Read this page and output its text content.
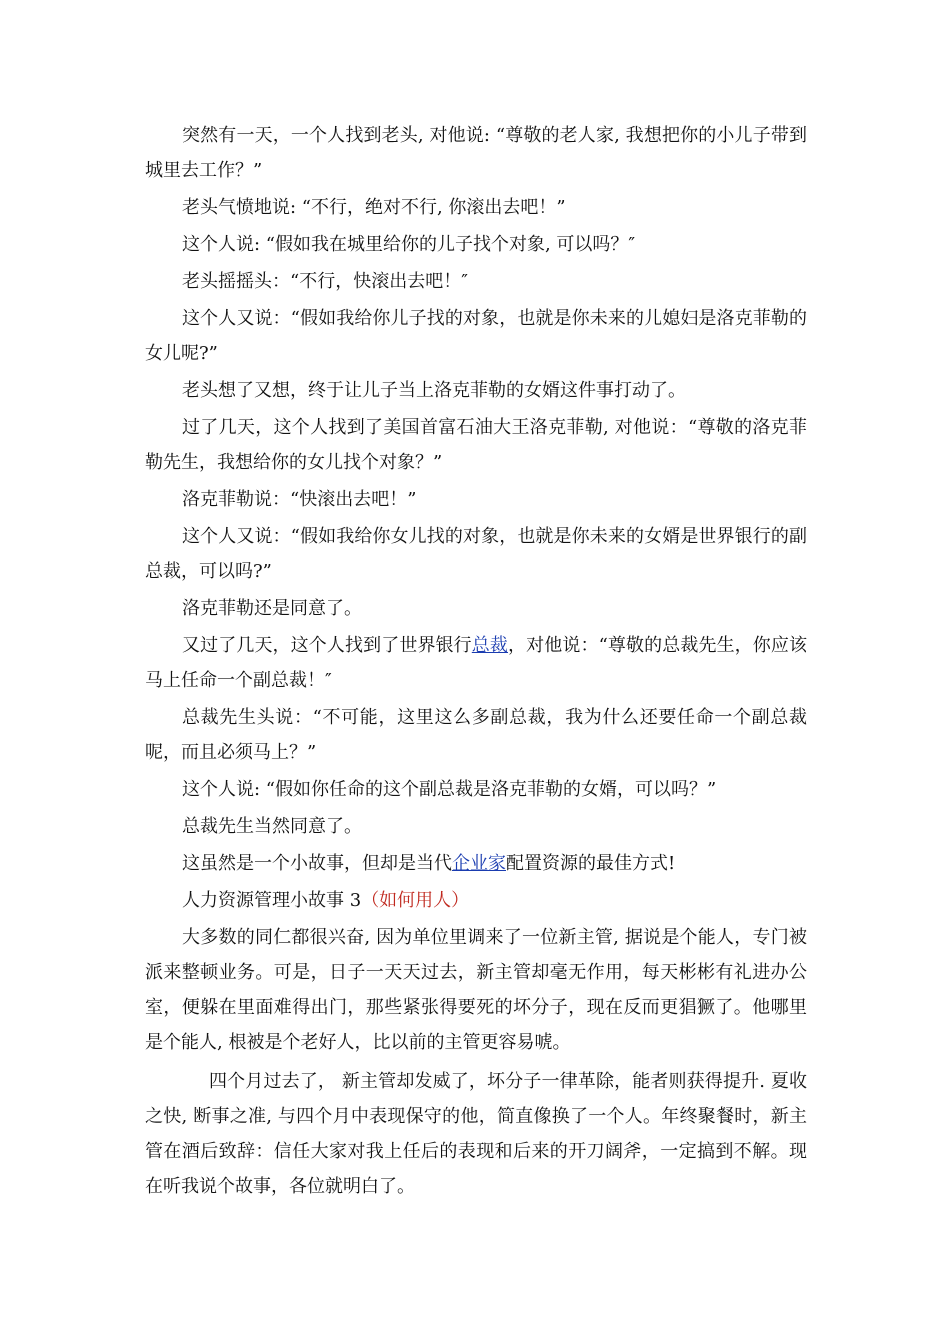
突然有一天，一个人找到老头, 对他说: “尊敬的老人家, 我想把你的小儿子带到城里去工作？”

老头气愤地说: “不行，绝对不行, 你滚出去吧！”

这个人说: “假如我在城里给你的儿子找个对象, 可以吗？″

老头摇摇头：“不行，快滚出去吧！″

这个人又说：“假如我给你儿子找的对象，也就是你未来的儿媳妇是洛克菲勒的女儿呢?”

老头想了又想，终于让儿子当上洛克菲勒的女婿这件事打动了。

过了几天，这个人找到了美国首富石油大王洛克菲勒, 对他说：“尊敬的洛克菲勒先生，我想给你的女儿找个对象？”

洛克菲勒说：“快滚出去吧！”

这个人又说：“假如我给你女儿找的对象，也就是你未来的女婿是世界银行的副总裁，可以吗?”

洛克菲勒还是同意了。

又过了几天，这个人找到了世界银行总裁，对他说：“尊敬的总裁先生，你应该马上任命一个副总裁！″

总裁先生头说：“不可能，这里这么多副总裁，我为什么还要任命一个副总裁呢，而且必须马上？”

这个人说: “假如你任命的这个副总裁是洛克菲勒的女婿，可以吗？”

总裁先生当然同意了。

这虽然是一个小故事，但却是当代企业家配置资源的最佳方式!

人力资源管理小故事 3（如何用人）

大多数的同仁都很兴奋, 因为单位里调来了一位新主管, 据说是个能人，专门被派来整顿业务。可是，日子一天天过去，新主管却毫无作用，每天彬彬有礼进办公室，便躲在里面难得出门，那些紧张得要死的坏分子，现在反而更猖獗了。他哪里是个能人, 根被是个老好人，比以前的主管更容易唬。

四个月过去了， 新主管却发威了，坏分子一律革除，能者则获得提升. 夏收之快, 断事之准, 与四个月中表现保守的他，简直像换了一个人。年终聚餐时，新主管在酒后致辞：信任大家对我上任后的表现和后来的开刀阔斧，一定搞到不解。现在听我说个故事，各位就明白了。
